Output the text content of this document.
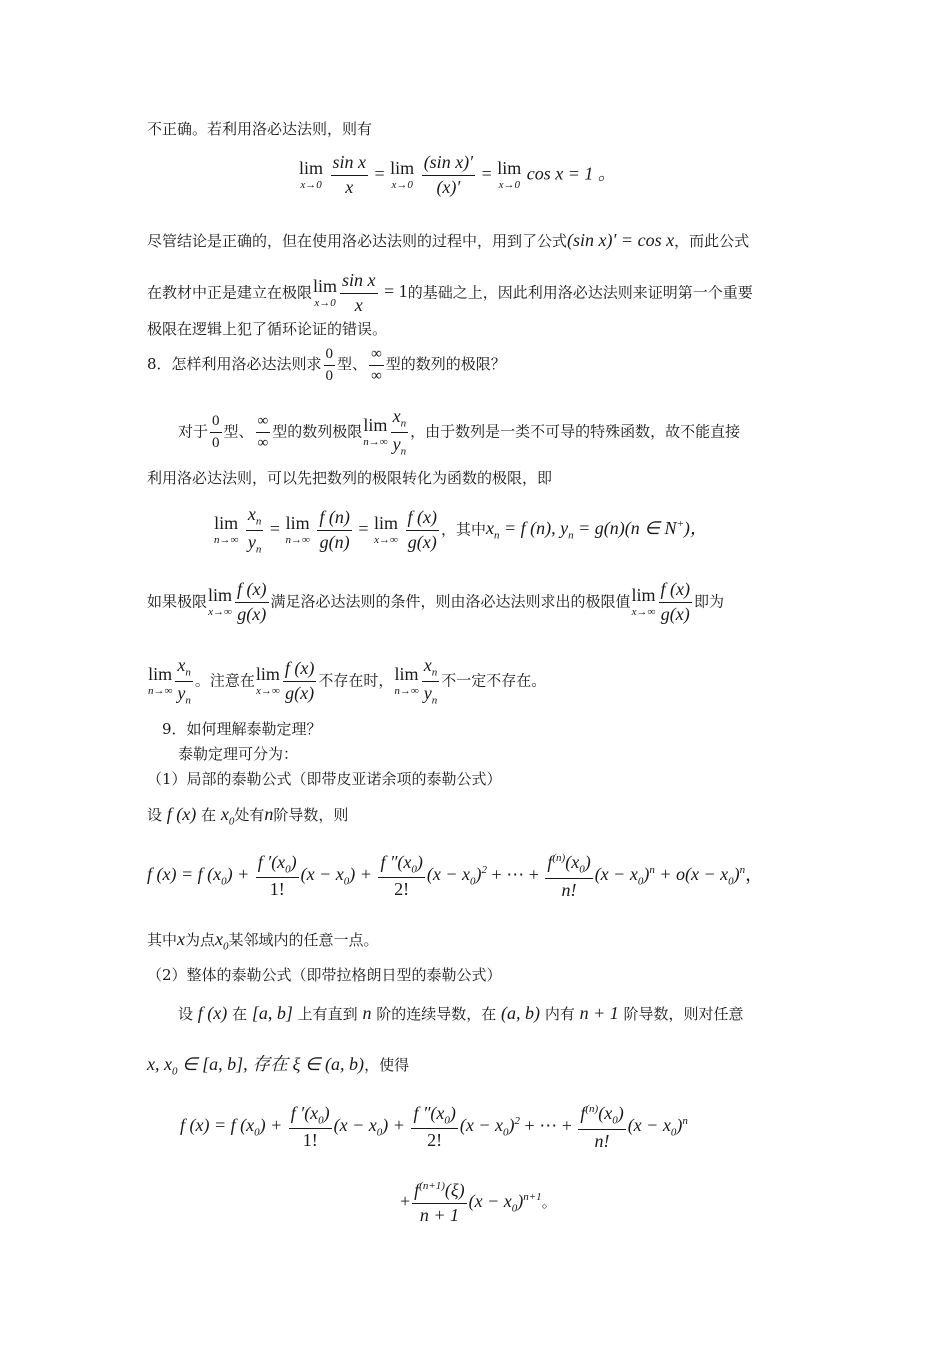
不正确。若利用洛必达法则，则有
lim
x→0
$\frac{\text{sin x}}{x} = \lim$
x→0
$\frac{\text{(sin x)′}}{(x)'} = \lim$
x→0
cos x = 1 。
尽管结论是正确的，但在使用洛必达法则的过程中，用到了公式(sin x)′ = cos x，而此公式
在教材中正是建立在极限 lim
$x\to 0 \frac{\text{sin x}}{x} = 1$的基础之上，因此利用洛必达法则来证明第一个重要
极限在逻辑上犯了循环论证的错误。
8．怎样利用洛必达法则求 $\frac{0}{0}$ 型、
∞
∞
型的数列的极限？
对于 $\frac{0}{0}$ 型、
∞
∞
型的数列极限 lim
$n\to\infty \frac{x_n}{y_n}$ ，由于数列是一类不可导的特殊函数，故不能直接
利用洛必达法则，可以先把数列的极限转化为函数的极限，即
lim
n→∞
$\frac{x_n}{y_n} = \lim$
n→∞
$\frac{f (n)}{g(n)} = \lim$
x→∞
$\frac{f (x)}{g(x)}$ ，其中$x_n = f$ (n), $y_n = g(n)(n$ ∈ N+)，
如果极限 lim
$x\to\infty \frac{f (x)}{g(x)}$ 满足洛必达法则的条件，则由洛必达法则求出的极限值 lim
$x\to\infty \frac{f (x)}{g(x)}$ 即为
lim
$n\to\infty \frac{x_n}{y_n}$ 。注意在 lim
$x\to\infty \frac{f (x)}{g(x)}$ 不存在时， lim
$n\to\infty \frac{x_n}{y_n}$ 不一定不存在。
9．如何理解泰勒定理？
泰勒定理可分为：
（1）局部的泰勒公式（即带皮亚诺余项的泰勒公式）
设 f (x) 在 $x_0$处有n阶导数，则
f (x) = f $(x_0) + \frac{f '(x_0)}{1!} (x - x_0) + \frac{f ''(x_0)}{2!} (x - x_0)^2$ + ⋯ + $\frac{f^{(n)}(x_0)}{n!} (x - x_0)^n + o(x - x_0)^n$，
其中x为点$x_0$某邻域内的任意一点。
（2）整体的泰勒公式（即带拉格朗日型的泰勒公式）
设 f (x) 在 [a, b] 上有直到 n 阶的连续导数，在 (a, b) 内有 n + 1 阶导数，则对任意
x, $x_0$ ∈ [a, b], 存在 ξ ∈ (a, b)，使得
f (x) = f $(x_0) + \frac{f '(x_0)}{1!} (x - x_0) + \frac{f ''(x_0)}{2!} (x - x_0)^2$ + ⋯ + $\frac{f^{(n)}(x_0)}{n!} (x - x_0)^n$
+ $\frac{f^{(n+1)}(\xi)}{n + 1} (x - x_0)^{n+1}$。
